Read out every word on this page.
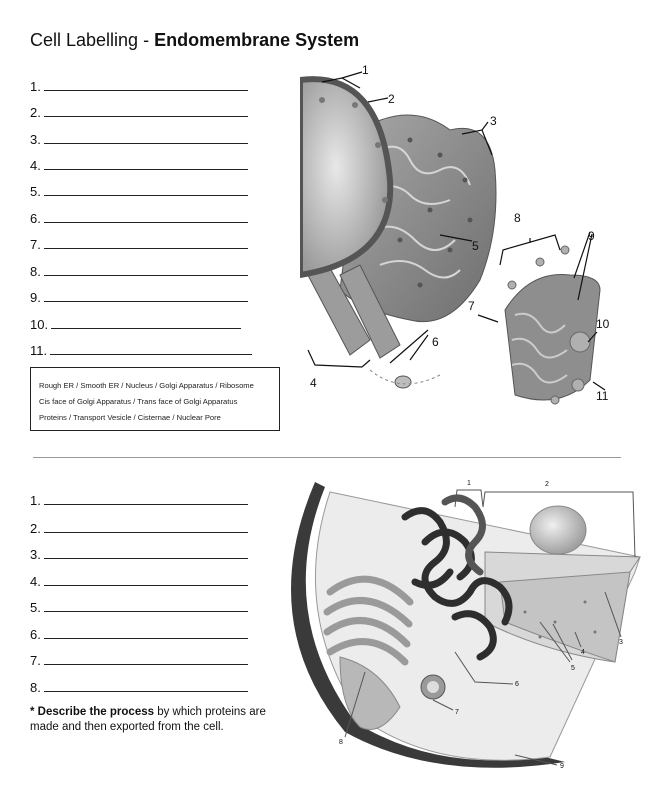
Cell Labelling - Endomembrane System
1.
2.
3.
4.
5.
6.
7.
8.
9.
10.
11.
Rough ER / Smooth ER / Nucleus / Golgi Apparatus / Ribosome
Cis face of Golgi Apparatus / Trans face of Golgi Apparatus
Proteins / Transport Vesicle / Cisternae / Nuclear Pore
1
2
3
4
5
6
7
8
9
10
11
1.
2.
3.
4.
5.
6.
7.
8.
* Describe the process by which proteins are made and then exported from the cell.
1	2
3
4
5
6
7
8
9
